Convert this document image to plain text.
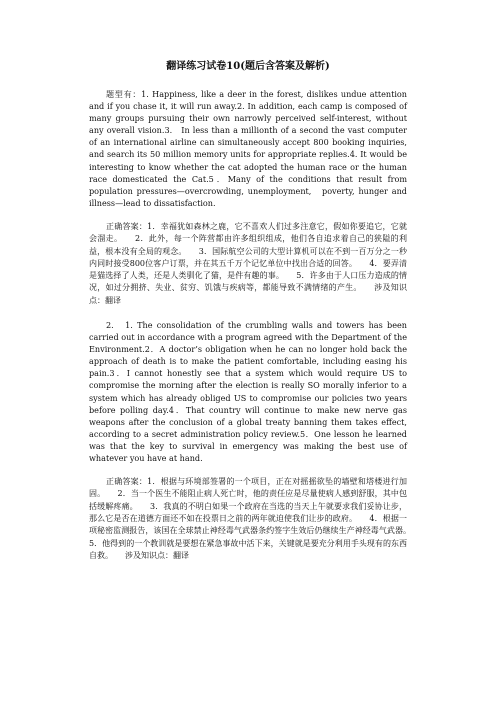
翻译练习试卷10(题后含答案及解析)

题型有：1. Happiness, like a deer in the forest, dislikes undue attention and if you chase it, it will run away.2. In addition, each camp is composed of many groups pursuing their own narrowly perceived self-interest, without any overall vision.3.　In less than a millionth of a second the vast computer of an international airline can simultaneously accept 800 booking inquiries, and search its 50 million memory units for appropriate replies.4. It would be interesting to know whether the cat adopted the human race or the human race domesticated the Cat.5．Many of the conditions that result from population pressures—overcrowding, unemployment,　poverty, hunger and illness—lead to dissatisfaction.

正确答案：1．幸福犹如森林之鹿，它不喜欢人们过多注意它，假如你要追它，它就会溜走。　　2．此外，每一个阵营都由许多组织组成，他们各自追求着自己的狭隘的利益，根本没有全局的观念。　　3．国际航空公司的大型计算机可以在不到一百万分之一秒内同时接受800位客户订票，并在其五千万个记忆单位中找出合适的回答。　　4．要弄清是猫选择了人类，还是人类驯化了猫，是件有趣的事。　　5．许多由于人口压力造成的情况，如过分拥挤、失业、贫穷、饥饿与疾病等，都能导致不满情绪的产生。　　涉及知识点：翻译

2.　1. The consolidation of the crumbling walls and towers has been carried out in accordance with a program agreed with the Department of the Environment.2．A doctor’s obligation when he can no longer hold back the approach of death is to make the patient comfortable, including easing his pain.3．I cannot honestly see that a system which would require US to compromise the morning after the election is really SO morally inferior to a system which has already obliged US to compromise our policies two years before polling day.4．That country will continue to make new nerve gas weapons after the conclusion of a global treaty banning them takes effect, according to a secret administration policy review.5．One lesson he learned was that the key to survival in emergency was making the best use of whatever you have at hand.

正确答案：1．根据与环境部签署的一个项目，正在对摇摇欲坠的墙壁和塔楼进行加固。　　2．当一个医生不能阻止病人死亡时，他的责任应是尽量使病人感到舒服，其中包括缓解疼痛。　　3．我真的不明白如果一个政府在当选的当天上午就要求我们妥协让步，那么它是否在道德方面还不如在投票日之前的两年就迫使我们让步的政府。　　4．根据一项秘密监测报告，该国在全球禁止神经毒气武器条约签字生效后仍继续生产神经毒气武器。　　5．他得到的一个教训就是要想在紧急事故中活下来，关键就是要充分利用手头现有的东西自救。　　涉及知识点：翻译
